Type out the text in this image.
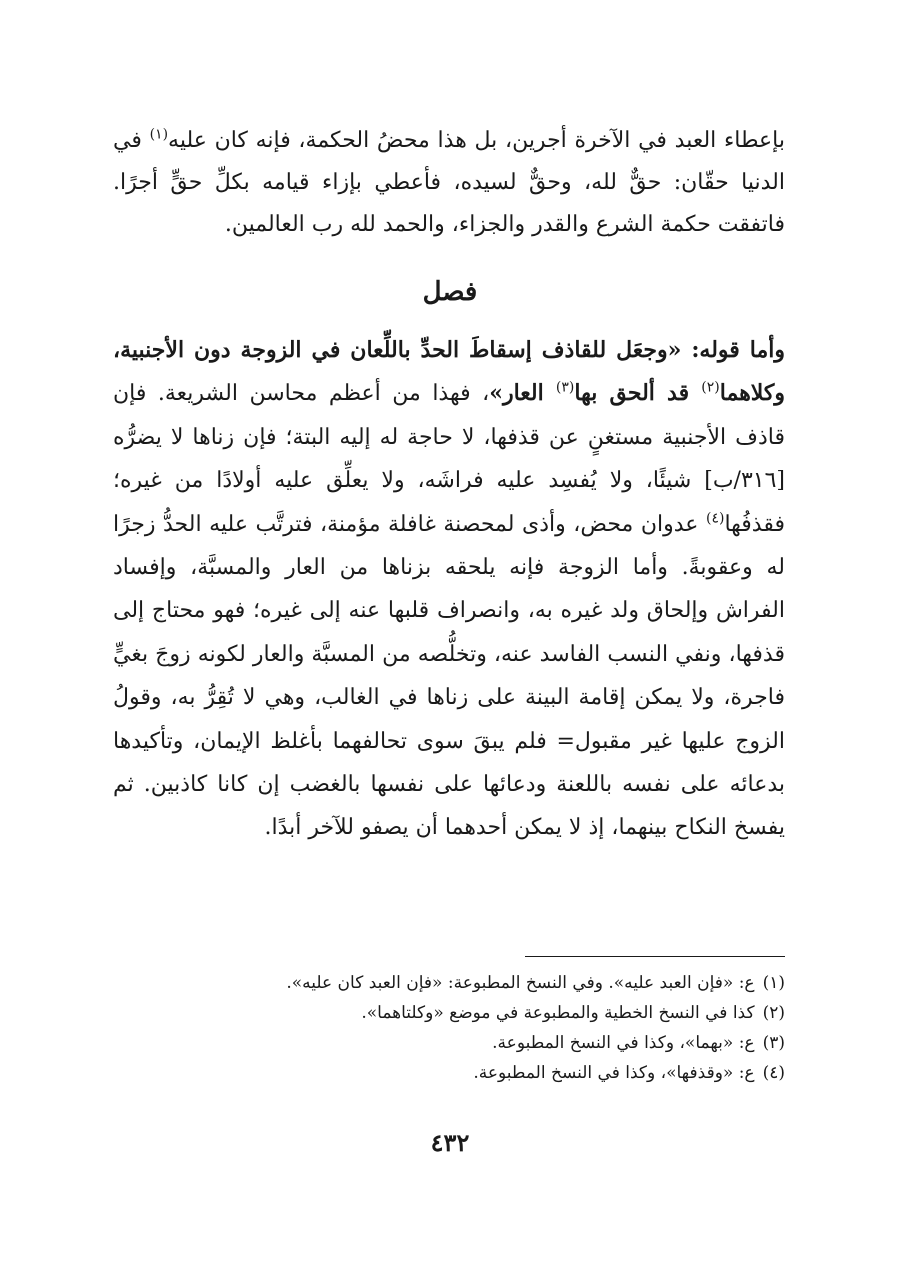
بإعطاء العبد في الآخرة أجرين، بل هذا محضُ الحكمة، فإنه كان عليه$^{(١)}$ في الدنيا حقّان: حقٌّ لله، وحقٌّ لسيده، فأعطي بإزاء قيامه بكلِّ حقٍّ أجرًا. فاتفقت حكمة الشرع والقدر والجزاء، والحمد لله رب العالمين.

فصل

وأما قوله: «وجعَل للقاذف إسقاطَ الحدِّ باللِّعان في الزوجة دون الأجنبية، وكلاهما$^{(٢)}$ قد ألحق بها$^{(٣)}$ العار»، فهذا من أعظم محاسن الشريعة. فإن قاذف الأجنبية مستغنٍ عن قذفها، لا حاجة له إليه البتة؛ فإن زناها لا يضرُّه [٣١٦/ب] شيئًا، ولا يُفسِد عليه فراشَه، ولا يعلِّق عليه أولادًا من غيره؛ فقذفُها$^{(٤)}$ عدوان محض، وأذى لمحصنة غافلة مؤمنة، فترتَّب عليه الحدُّ زجرًا له وعقوبةً. وأما الزوجة فإنه يلحقه بزناها من العار والمسبَّة، وإفساد الفراش وإلحاق ولد غيره به، وانصراف قلبها عنه إلى غيره؛ فهو محتاج إلى قذفها، ونفي النسب الفاسد عنه، وتخلُّصه من المسبَّة والعار لكونه زوجَ بغيٍّ فاجرة، ولا يمكن إقامة البينة على زناها في الغالب، وهي لا تُقِرُّ به، وقولُ الزوج عليها غير مقبول= فلم يبقَ سوى تحالفهما بأغلظ الإيمان، وتأكيدها بدعائه على نفسه باللعنة ودعائها على نفسها بالغضب إن كانا كاذبين. ثم يفسخ النكاح بينهما، إذ لا يمكن أحدهما أن يصفو للآخر أبدًا.

(١)
ع: «فإن العبد عليه». وفي النسخ المطبوعة: «فإن العبد كان عليه».
(٢)
كذا في النسخ الخطية والمطبوعة في موضع «وكلتاهما».
(٣)
ع: «بهما»، وكذا في النسخ المطبوعة.
(٤)
ع: «وقذفها»، وكذا في النسخ المطبوعة.
٤٣٢
